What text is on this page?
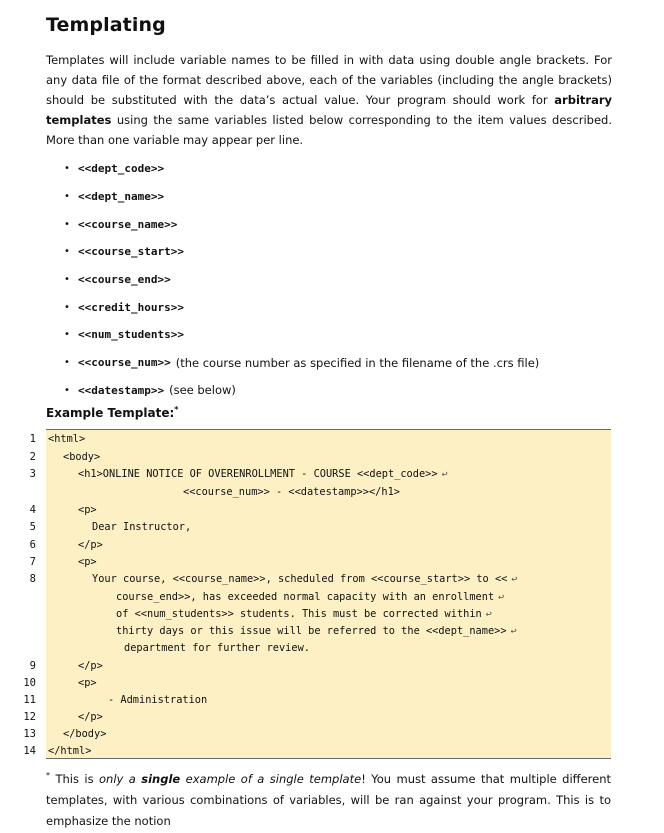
Templating

Templates will include variable names to be filled in with data using double angle brackets. For any data file of the format described above, each of the variables (including the angle brackets) should be substituted with the data’s actual value. Your program should work for arbitrary templates using the same variables listed below corresponding to the item values described. More than one variable may appear per line.

• <<dept_code>>
• <<dept_name>>
• <<course_name>>
• <<course_start>>
• <<course_end>>
• <<credit_hours>>
• <<num_students>>
• <<course_num>> (the course number as specified in the filename of the .crs file)
• <<datestamp>> (see below)

Example Template:*

1
2
3
4
5
6
7
8
9
10
11
12
13
14
<html>
<body>
<h1>ONLINE NOTICE OF OVERENROLLMENT - COURSE <<dept_code>> ↩
<<course_num>> - <<datestamp>></h1>
<p>
Dear Instructor,
</p>
<p>
Your course, <<course_name>>, scheduled from <<course_start>> to << ↩
course_end>>, has exceeded normal capacity with an enrollment ↩
of <<num_students>> students. This must be corrected within ↩
thirty days or this issue will be referred to the <<dept_name>> ↩
department for further review.
</p>
<p>
- Administration
</p>
</body>
</html>

* This is only a single example of a single template! You must assume that multiple different templates, with various combinations of variables, will be ran against your program. This is to emphasize the notion
